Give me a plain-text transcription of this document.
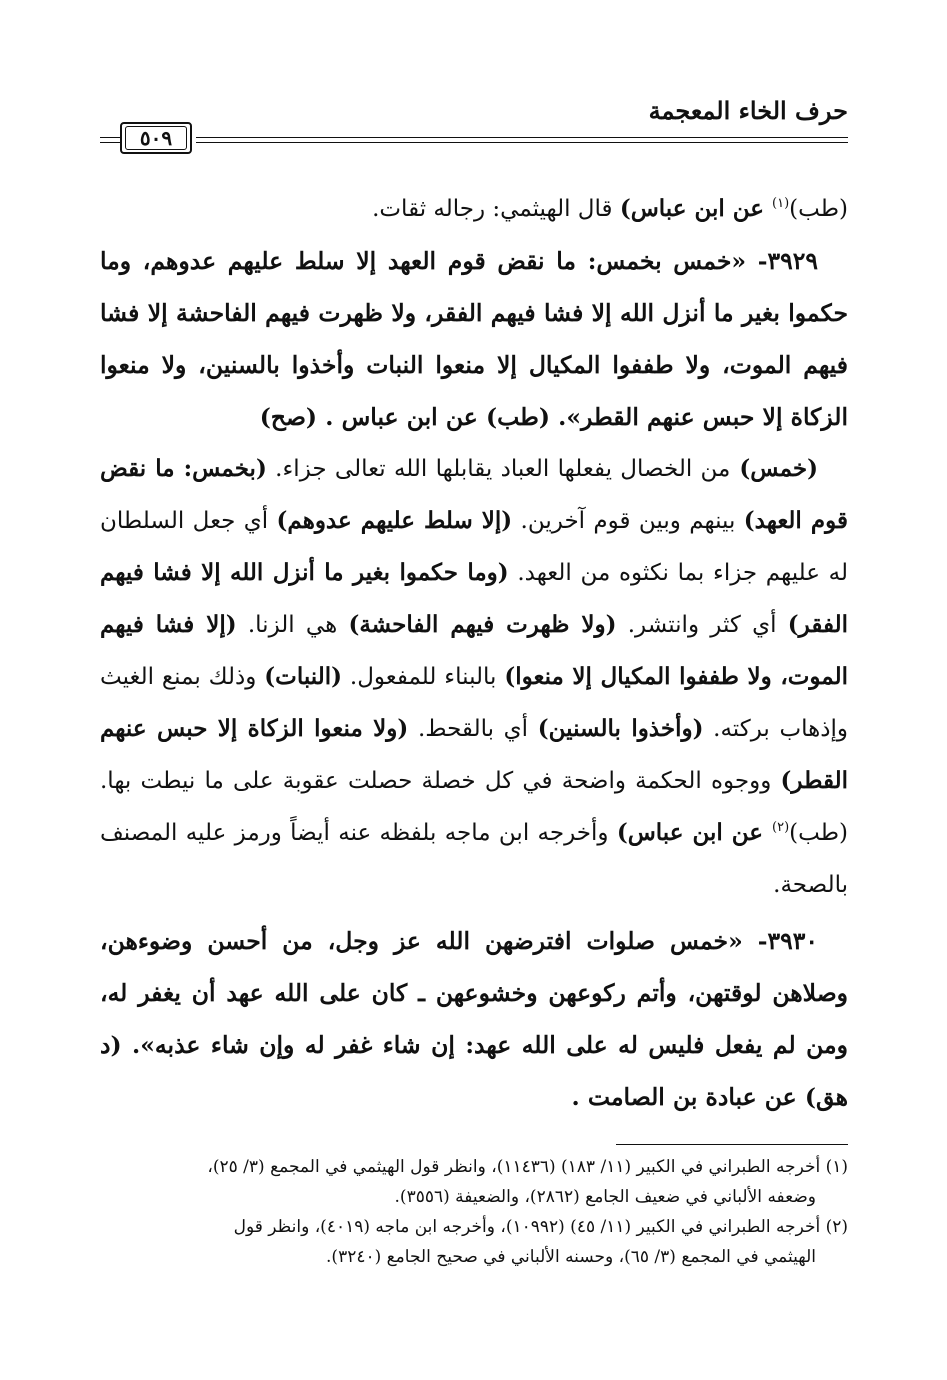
حرف الخاء المعجمة
٥٠٩

(طب)$^{(١)}$ عن ابن عباس) قال الهيثمي: رجاله ثقات.

٣٩٢٩- «خمس بخمس: ما نقض قوم العهد إلا سلط عليهم عدوهم، وما حكموا بغير ما أنزل الله إلا فشا فيهم الفقر، ولا ظهرت فيهم الفاحشة إلا فشا فيهم الموت، ولا طففوا المكيال إلا منعوا النبات وأخذوا بالسنين، ولا منعوا الزكاة إلا حبس عنهم القطر». (طب) عن ابن عباس . (صح)

(خمس) من الخصال يفعلها العباد يقابلها الله تعالى جزاء. (بخمس: ما نقض قوم العهد) بينهم وبين قوم آخرين. (إلا سلط عليهم عدوهم) أي جعل السلطان له عليهم جزاء بما نكثوه من العهد. (وما حكموا بغير ما أنزل الله إلا فشا فيهم الفقر) أي كثر وانتشر. (ولا ظهرت فيهم الفاحشة) هي الزنا. (إلا فشا فيهم الموت، ولا طففوا المكيال إلا منعوا) بالبناء للمفعول. (النبات) وذلك بمنع الغيث وإذهاب بركته. (وأخذوا بالسنين) أي بالقحط. (ولا منعوا الزكاة إلا حبس عنهم القطر) ووجوه الحكمة واضحة في كل خصلة حصلت عقوبة على ما نيطت بها. (طب)$^{(٢)}$ عن ابن عباس) وأخرجه ابن ماجه بلفظه عنه أيضاً ورمز عليه المصنف بالصحة.

٣٩٣٠- «خمس صلوات افترضهن الله عز وجل، من أحسن وضوءهن، وصلاهن لوقتهن، وأتم ركوعهن وخشوعهن ـ كان على الله عهد أن يغفر له، ومن لم يفعل فليس له على الله عهد: إن شاء غفر له وإن شاء عذبه». (د هق) عن عبادة بن الصامت .

(١) أخرجه الطبراني في الكبير (١١/ ١٨٣) (١١٤٣٦)، وانظر قول الهيثمي في المجمع (٣/ ٢٥)،
وضعفه الألباني في ضعيف الجامع (٢٨٦٢)، والضعيفة (٣٥٥٦).

(٢) أخرجه الطبراني في الكبير (١١/ ٤٥) (١٠٩٩٢)، وأخرجه ابن ماجه (٤٠١٩)، وانظر قول
الهيثمي في المجمع (٣/ ٦٥)، وحسنه الألباني في صحيح الجامع (٣٢٤٠).
